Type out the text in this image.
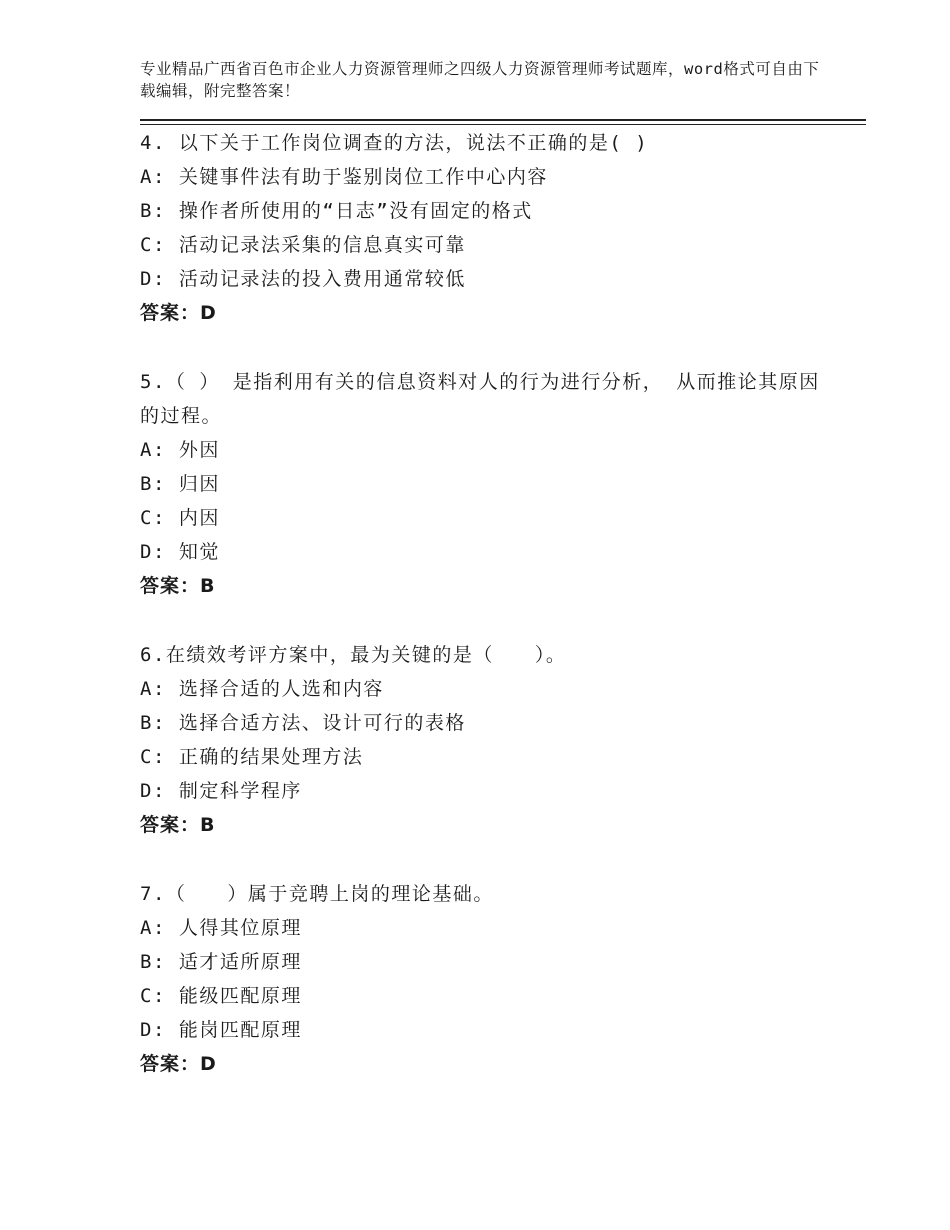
专业精品广西省百色市企业人力资源管理师之四级人力资源管理师考试题库，word格式可自由下载编辑，附完整答案！
4. 以下关于工作岗位调查的方法，说法不正确的是( )
A: 关键事件法有助于鉴别岗位工作中心内容
B: 操作者所使用的“日志”没有固定的格式
C: 活动记录法采集的信息真实可靠
D: 活动记录法的投入费用通常较低
答案：D
5.（ ） 是指利用有关的信息资料对人的行为进行分析， 从而推论其原因的过程。
A: 外因
B: 归因
C: 内因
D: 知觉
答案：B
6.在绩效考评方案中，最为关键的是（　　）。
A: 选择合适的人选和内容
B: 选择合适方法、设计可行的表格
C: 正确的结果处理方法
D: 制定科学程序
答案：B
7.（　　）属于竞聘上岗的理论基础。
A: 人得其位原理
B: 适才适所原理
C: 能级匹配原理
D: 能岗匹配原理
答案：D
